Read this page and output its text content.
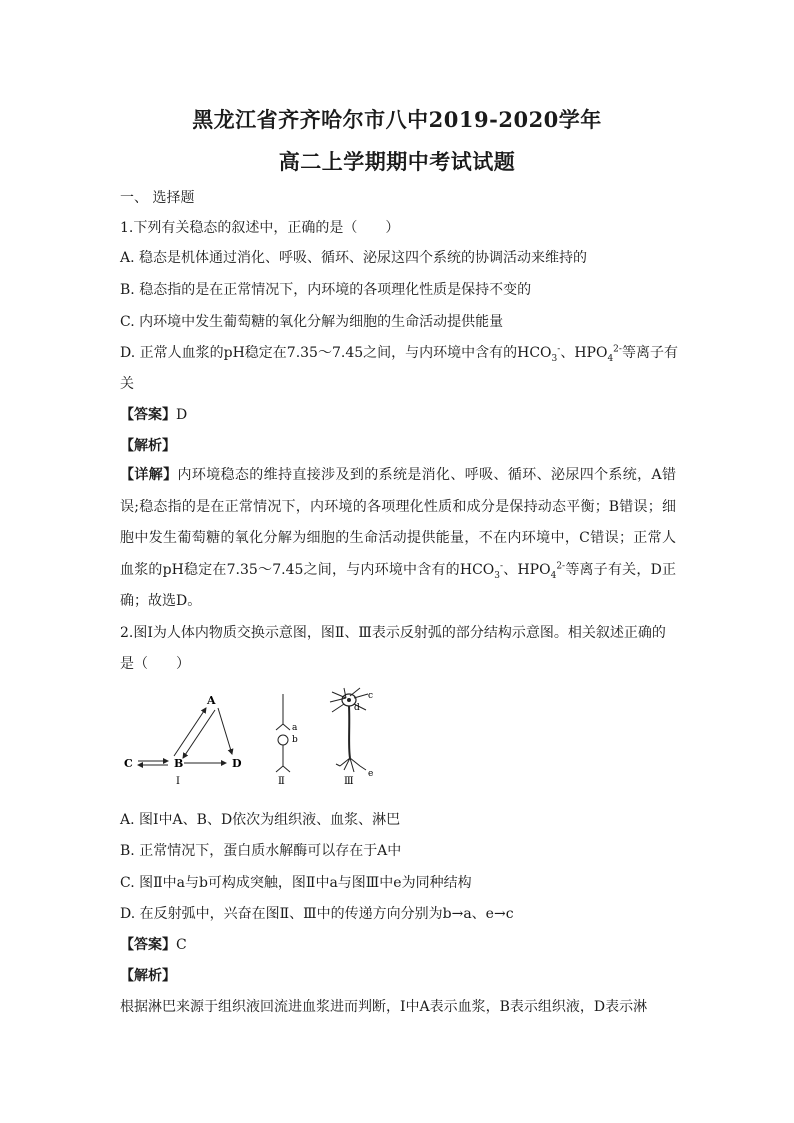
黑龙江省齐齐哈尔市八中2019-2020学年
高二上学期期中考试试题
一、 选择题
1.下列有关稳态的叙述中，正确的是（　　）
A. 稳态是机体通过消化、呼吸、循环、泌尿这四个系统的协调活动来维持的
B. 稳态指的是在正常情况下，内环境的各项理化性质是保持不变的
C. 内环境中发生葡萄糖的氧化分解为细胞的生命活动提供能量
D. 正常人血浆的pH稳定在7.35～7.45之间，与内环境中含有的$HCO_3^-$、$HPO_4^{2-}$等离子有
关
【答案】D
【解析】
【详解】内环境稳态的维持直接涉及到的系统是消化、呼吸、循环、泌尿四个系统，A错误;稳态指的是在正常情况下，内环境的各项理化性质和成分是保持动态平衡；B错误；细胞中发生葡萄糖的氧化分解为细胞的生命活动提供能量，不在内环境中，C错误；正常人血浆的pH稳定在7.35～7.45之间，与内环境中含有的$HCO_3^-$、$HPO_4^{2-}$等离子有关，D正确；故选D。
2.图Ⅰ为人体内物质交换示意图，图Ⅱ、Ⅲ表示反射弧的部分结构示意图。相关叙述正确的
是（　　）
A
B
C	D
Ⅰ
a
b
Ⅱ
c
d
e
Ⅲ
A. 图Ⅰ中A、B、D依次为组织液、血浆、淋巴
B. 正常情况下，蛋白质水解酶可以存在于A中
C. 图Ⅱ中a与b可构成突触，图Ⅱ中a与图Ⅲ中e为同种结构
D. 在反射弧中，兴奋在图Ⅱ、Ⅲ中的传递方向分别为b→a、e→c
【答案】C
【解析】
根据淋巴来源于组织液回流进血浆进而判断，Ⅰ中A表示血浆，B表示组织液，D表示淋
